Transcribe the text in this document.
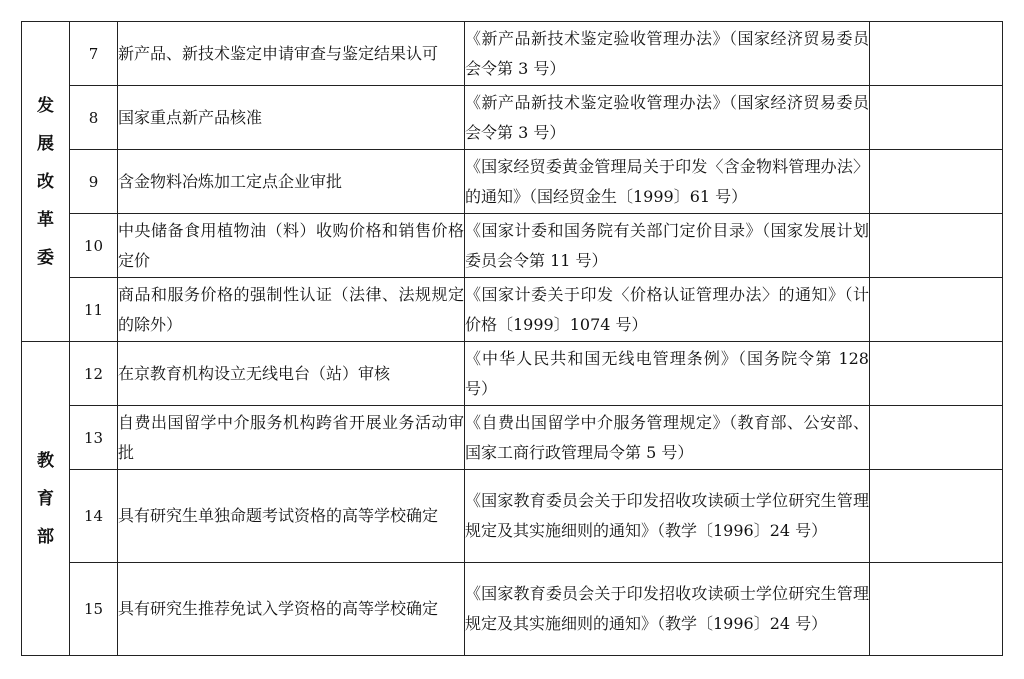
发展改革委	7	新产品、新技术鉴定申请审查与鉴定结果认可	《新产品新技术鉴定验收管理办法》（国家经济贸易委员会令第 3 号）	
	8	国家重点新产品核准	《新产品新技术鉴定验收管理办法》（国家经济贸易委员会令第 3 号）	
	9	含金物料冶炼加工定点企业审批	《国家经贸委黄金管理局关于印发〈含金物料管理办法〉的通知》（国经贸金生〔1999〕61 号）	
	10	中央储备食用植物油（料）收购价格和销售价格定价	《国家计委和国务院有关部门定价目录》（国家发展计划委员会令第 11 号）	
	11	商品和服务价格的强制性认证（法律、法规规定的除外）	《国家计委关于印发〈价格认证管理办法〉的通知》（计价格〔1999〕1074 号）	
教育部	12	在京教育机构设立无线电台（站）审核	《中华人民共和国无线电管理条例》（国务院令第 128 号）	
	13	自费出国留学中介服务机构跨省开展业务活动审批	《自费出国留学中介服务管理规定》（教育部、公安部、国家工商行政管理局令第 5 号）	
	14	具有研究生单独命题考试资格的高等学校确定	《国家教育委员会关于印发招收攻读硕士学位研究生管理规定及其实施细则的通知》（教学〔1996〕24 号）	
	15	具有研究生推荐免试入学资格的高等学校确定	《国家教育委员会关于印发招收攻读硕士学位研究生管理规定及其实施细则的通知》（教学〔1996〕24 号）	
